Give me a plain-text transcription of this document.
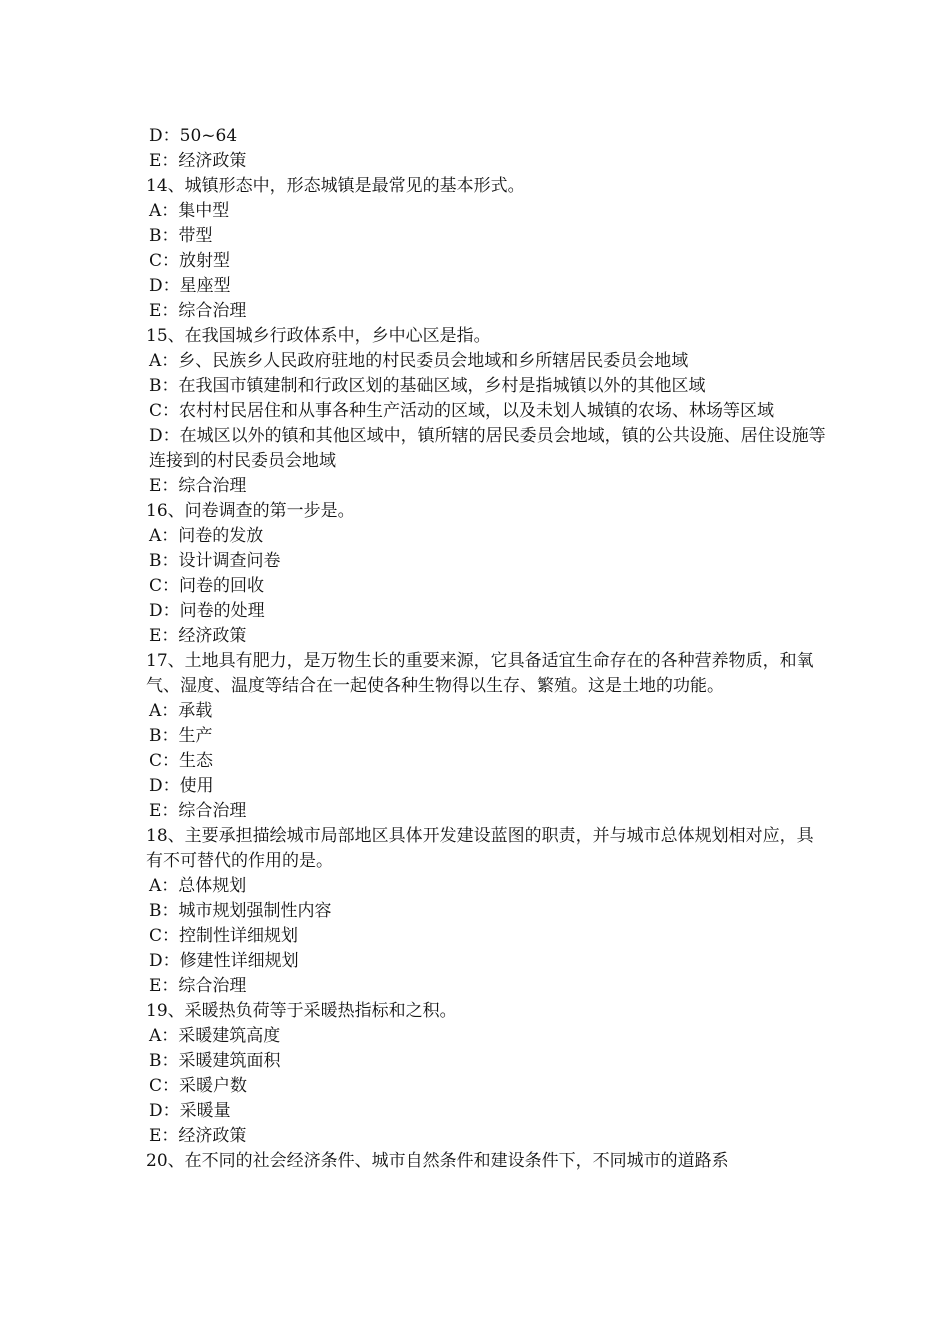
D：50~64

E：经济政策

14、城镇形态中，形态城镇是最常见的基本形式。

A：集中型

B：带型

C：放射型

D：星座型

E：综合治理

15、在我国城乡行政体系中，乡中心区是指。

A：乡、民族乡人民政府驻地的村民委员会地域和乡所辖居民委员会地域

B：在我国市镇建制和行政区划的基础区域，乡村是指城镇以外的其他区域

C：农村村民居住和从事各种生产活动的区域，以及未划人城镇的农场、林场等区域

D：在城区以外的镇和其他区域中，镇所辖的居民委员会地域，镇的公共设施、居住设施等连接到的村民委员会地域

E：综合治理

16、问卷调查的第一步是。

A：问卷的发放

B：设计调查问卷

C：问卷的回收

D：问卷的处理

E：经济政策

17、土地具有肥力，是万物生长的重要来源，它具备适宜生命存在的各种营养物质，和氧气、湿度、温度等结合在一起使各种生物得以生存、繁殖。这是土地的功能。

A：承载

B：生产

C：生态

D：使用

E：综合治理

18、主要承担描绘城市局部地区具体开发建设蓝图的职责，并与城市总体规划相对应，具有不可替代的作用的是。

A：总体规划

B：城市规划强制性内容

C：控制性详细规划

D：修建性详细规划

E：综合治理

19、采暖热负荷等于采暖热指标和之积。

A：采暖建筑高度

B：采暖建筑面积

C：采暖户数

D：采暖量

E：经济政策

20、在不同的社会经济条件、城市自然条件和建设条件下，不同城市的道路系
